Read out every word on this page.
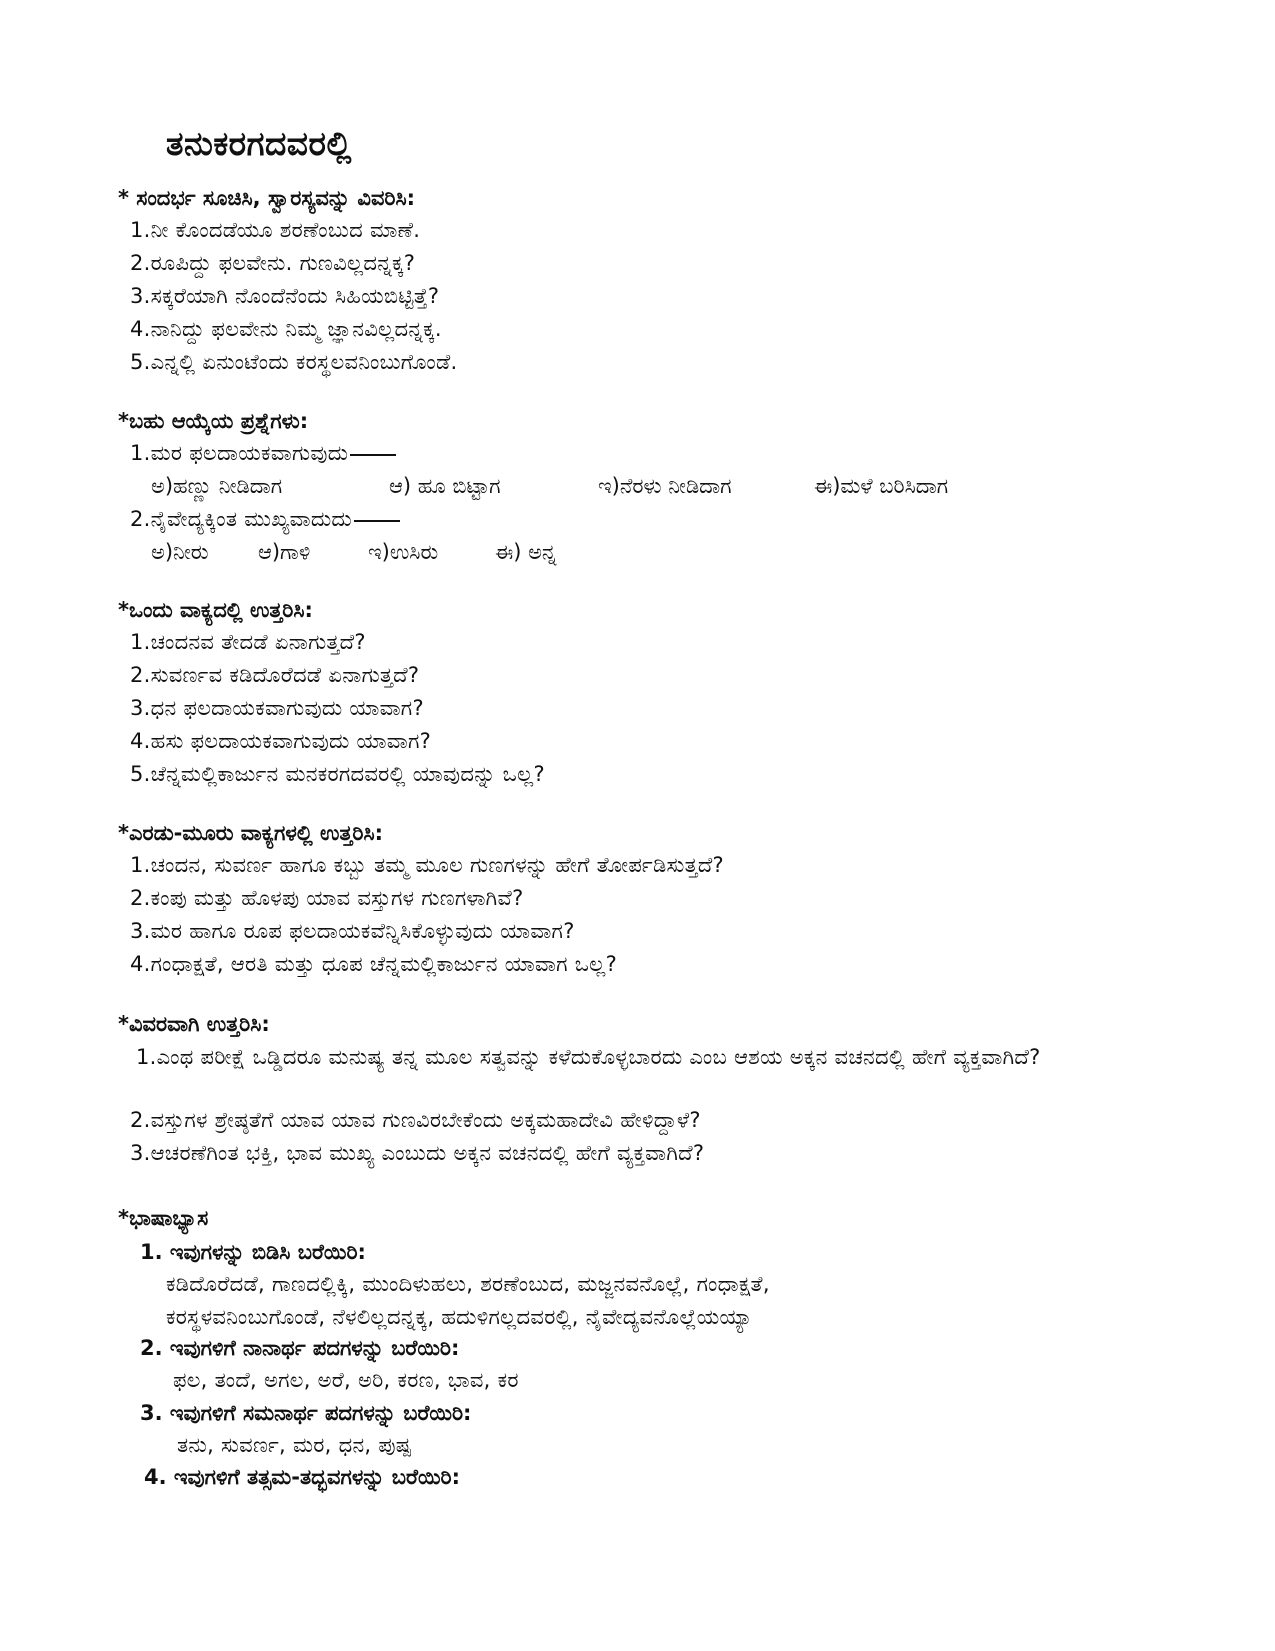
ತನುಕರಗದವರಲ್ಲಿ
* ಸಂದರ್ಭ ಸೂಚಿಸಿ, ಸ್ವಾರಸ್ಯವನ್ನು ವಿವರಿಸಿ:
1.ನೀ ಕೊಂದಡೆಯೂ ಶರಣೆಂಬುದ ಮಾಣೆ.
2.ರೂಪಿದ್ದು ಫಲವೇನು. ಗುಣವಿಲ್ಲದನ್ನಕ್ಕ?
3.ಸಕ್ಕರೆಯಾಗಿ ನೊಂದೆನೆಂದು ಸಿಹಿಯಬಿಟ್ಟಿತ್ತೆ?
4.ನಾನಿದ್ದು ಫಲವೇನು ನಿಮ್ಮ ಜ್ಞಾನವಿಲ್ಲದನ್ನಕ್ಕ.
5.ಎನ್ನಲ್ಲಿ ಏನುಂಟೆಂದು ಕರಸ್ಥಲವನಿಂಬುಗೊಂಡೆ.
*ಬಹು ಆಯ್ಕೆಯ ಪ್ರಶ್ನೆಗಳು:
1.ಮರ ಫಲದಾಯಕವಾಗುವುದು
ಅ)ಹಣ್ಣು ನೀಡಿದಾಗ	ಆ) ಹೂ ಬಿಟ್ಟಾಗ	ಇ)ನೆರಳು ನೀಡಿದಾಗ	ಈ)ಮಳೆ ಬರಿಸಿದಾಗ
2.ನೈವೇದ್ಯಕ್ಕಿಂತ ಮುಖ್ಯವಾದುದು
ಅ)ನೀರು ಆ)ಗಾಳಿ	ಇ)ಉಸಿರು	ಈ) ಅನ್ನ
*ಒಂದು ವಾಕ್ಯದಲ್ಲಿ ಉತ್ತರಿಸಿ:
1.ಚಂದನವ ತೇದಡೆ ಏನಾಗುತ್ತದೆ?
2.ಸುವರ್ಣವ ಕಡಿದೊರೆದಡೆ ಏನಾಗುತ್ತದೆ?
3.ಧನ ಫಲದಾಯಕವಾಗುವುದು ಯಾವಾಗ?
4.ಹಸು ಫಲದಾಯಕವಾಗುವುದು ಯಾವಾಗ?
5.ಚೆನ್ನಮಲ್ಲಿಕಾರ್ಜುನ ಮನಕರಗದವರಲ್ಲಿ ಯಾವುದನ್ನು ಒಲ್ಲ?
*ಎರಡು-ಮೂರು ವಾಕ್ಯಗಳಲ್ಲಿ ಉತ್ತರಿಸಿ:
1.ಚಂದನ, ಸುವರ್ಣ ಹಾಗೂ ಕಬ್ಬು ತಮ್ಮ ಮೂಲ ಗುಣಗಳನ್ನು ಹೇಗೆ ತೋರ್ಪಡಿಸುತ್ತದೆ?
2.ಕಂಪು ಮತ್ತು ಹೊಳಪು ಯಾವ ವಸ್ತುಗಳ ಗುಣಗಳಾಗಿವೆ?
3.ಮರ ಹಾಗೂ ರೂಪ ಫಲದಾಯಕವೆನ್ನಿಸಿಕೊಳ್ಳುವುದು ಯಾವಾಗ?
4.ಗಂಧಾಕ್ಷತೆ, ಆರತಿ ಮತ್ತು ಧೂಪ ಚೆನ್ನಮಲ್ಲಿಕಾರ್ಜುನ ಯಾವಾಗ ಒಲ್ಲ?
*ವಿವರವಾಗಿ ಉತ್ತರಿಸಿ:
1.ಎಂಥ ಪರೀಕ್ಷೆ ಒಡ್ಡಿದರೂ ಮನುಷ್ಯ ತನ್ನ ಮೂಲ ಸತ್ವವನ್ನು ಕಳೆದುಕೊಳ್ಳಬಾರದು ಎಂಬ ಆಶಯ ಅಕ್ಕನ ವಚನದಲ್ಲಿ ಹೇಗೆ ವ್ಯಕ್ತವಾಗಿದೆ?
2.ವಸ್ತುಗಳ ಶ್ರೇಷ್ಠತೆಗೆ ಯಾವ ಯಾವ ಗುಣವಿರಬೇಕೆಂದು ಅಕ್ಕಮಹಾದೇವಿ ಹೇಳಿದ್ದಾಳೆ?
3.ಆಚರಣೆಗಿಂತ ಭಕ್ತಿ, ಭಾವ ಮುಖ್ಯ ಎಂಬುದು ಅಕ್ಕನ ವಚನದಲ್ಲಿ ಹೇಗೆ ವ್ಯಕ್ತವಾಗಿದೆ?
*ಭಾಷಾಭ್ಯಾಸ
1. ಇವುಗಳನ್ನು ಬಿಡಿಸಿ ಬರೆಯಿರಿ:
ಕಡಿದೊರೆದಡೆ, ಗಾಣದಲ್ಲಿಕ್ಕಿ, ಮುಂದಿಳುಹಲು, ಶರಣೆಂಬುದ, ಮಜ್ಜನವನೊಲ್ಲೆ, ಗಂಧಾಕ್ಷತೆ,
ಕರಸ್ಥಳವನಿಂಬುಗೊಂಡೆ, ನೆಳಲಿಲ್ಲದನ್ನಕ್ಕ, ಹದುಳಿಗಲ್ಲದವರಲ್ಲಿ, ನೈವೇದ್ಯವನೊಲ್ಲೆಯಯ್ಯಾ
2. ಇವುಗಳಿಗೆ ನಾನಾರ್ಥ ಪದಗಳನ್ನು ಬರೆಯಿರಿ:
ಫಲ, ತಂದೆ, ಅಗಲ, ಅರೆ, ಅರಿ, ಕರಣ, ಭಾವ, ಕರ
3. ಇವುಗಳಿಗೆ ಸಮನಾರ್ಥ ಪದಗಳನ್ನು ಬರೆಯಿರಿ:
ತನು, ಸುವರ್ಣ, ಮರ, ಧನ, ಪುಷ್ಪ
4. ಇವುಗಳಿಗೆ ತತ್ಸಮ-ತದ್ಭವಗಳನ್ನು ಬರೆಯಿರಿ:
